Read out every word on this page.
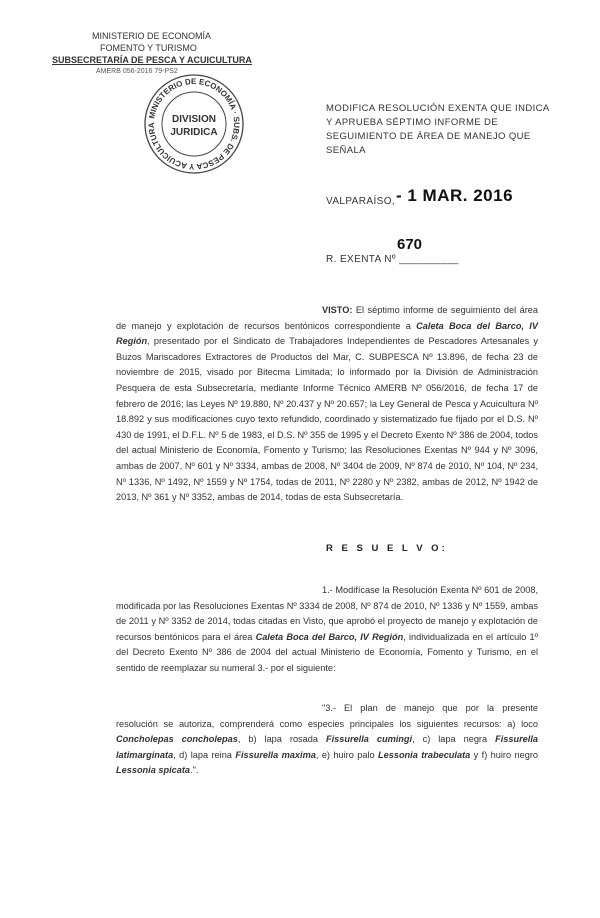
MINISTERIO DE ECONOMÍA
FOMENTO Y TURISMO
SUBSECRETARÍA DE PESCA Y ACUICULTURA
AMERB 056-2016 79-PS2
MINISTERIO DE ECONOMÍA · SUBS. DE PESCA Y ACUICULTURA
DIVISION
JURIDICA
MODIFICA RESOLUCIÓN EXENTA QUE INDICA Y APRUEBA SÉPTIMO INFORME DE SEGUIMIENTO DE ÁREA DE MANEJO QUE SEÑALA
VALPARAÍSO, - 1 MAR. 2016
670
R. EXENTA Nº __________
VISTO: El séptimo informe de seguimiento del área de manejo y explotación de recursos bentónicos correspondiente a Caleta Boca del Barco, IV Región, presentado por el Sindicato de Trabajadores Independientes de Pescadores Artesanales y Buzos Mariscadores Extractores de Productos del Mar, C. SUBPESCA Nº 13.896, de fecha 23 de noviembre de 2015, visado por Bitecma Limitada; lo informado por la División de Administración Pesquera de esta Subsecretaría, mediante Informe Técnico AMERB Nº 056/2016, de fecha 17 de febrero de 2016; las Leyes Nº 19.880, Nº 20.437 y Nº 20.657; la Ley General de Pesca y Acuicultura Nº 18.892 y sus modificaciones cuyo texto refundido, coordinado y sistematizado fue fijado por el D.S. Nº 430 de 1991, el D.F.L. Nº 5 de 1983, el D.S. Nº 355 de 1995 y el Decreto Exento Nº 386 de 2004, todos del actual Ministerio de Economía, Fomento y Turismo; las Resoluciones Exentas Nº 944 y Nº 3096, ambas de 2007, Nº 601 y Nº 3334, ambas de 2008, Nº 3404 de 2009, Nº 874 de 2010, Nº 104, Nº 234, Nº 1336, Nº 1492, Nº 1559 y Nº 1754, todas de 2011, Nº 2280 y Nº 2382, ambas de 2012, Nº 1942 de 2013, Nº 361 y Nº 3352, ambas de 2014, todas de esta Subsecretaría.
R E S U E L V O:
1.- Modifícase la Resolución Exenta Nº 601 de 2008, modificada por las Resoluciones Exentas Nº 3334 de 2008, Nº 874 de 2010, Nº 1336 y Nº 1559, ambas de 2011 y Nº 3352 de 2014, todas citadas en Visto, que aprobó el proyecto de manejo y explotación de recursos bentónicos para el área Caleta Boca del Barco, IV Región, individualizada en el artículo 1º del Decreto Exento Nº 386 de 2004 del actual Ministerio de Economía, Fomento y Turismo, en el sentido de reemplazar su numeral 3.- por el siguiente:
"3.- El plan de manejo que por la presente resolución se autoriza, comprenderá como especies principales los siguientes recursos: a) loco Concholepas concholepas, b) lapa rosada Fissurella cumingi, c) lapa negra Fissurella latimarginata, d) lapa reina Fissurella maxima, e) huiro palo Lessonia trabeculata y f) huiro negro Lessonia spicata.".
